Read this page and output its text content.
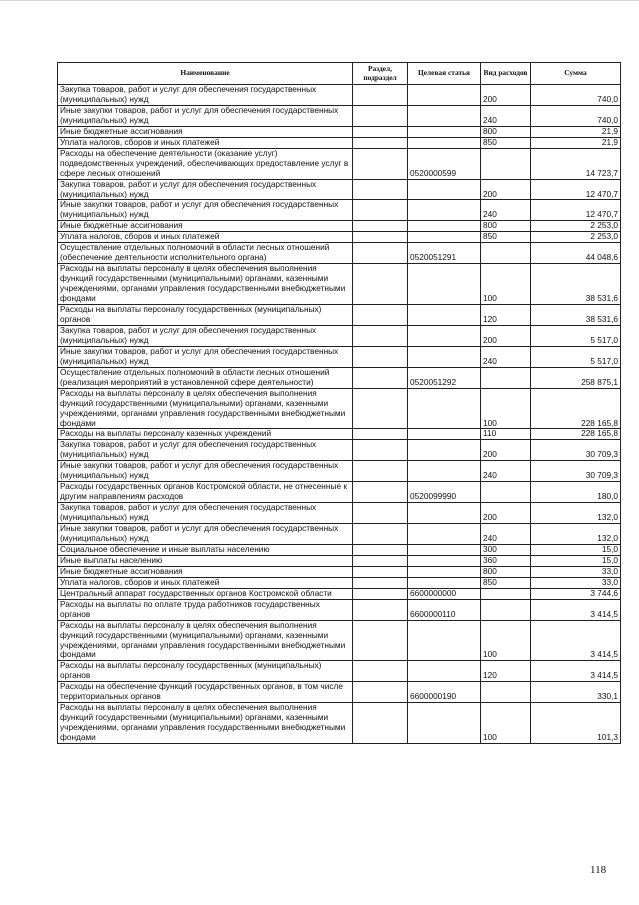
Наименование	Раздел, подраздел	Целевая статья	Вид расходов	Сумма
Закупка товаров, работ и услуг для обеспечения государственных (муниципальных) нужд			200	740,0
Иные закупки товаров, работ и услуг для обеспечения государственных (муниципальных) нужд			240	740,0
Иные бюджетные ассигнования			800	21,9
Уплата налогов, сборов и иных платежей			850	21,9
Расходы на обеспечение деятельности (оказание услуг) подведомственных учреждений, обеспечивающих предоставление услуг в сфере лесных отношений		0520000599		14 723,7
Закупка товаров, работ и услуг для обеспечения государственных (муниципальных) нужд			200	12 470,7
Иные закупки товаров, работ и услуг для обеспечения государственных (муниципальных) нужд			240	12 470,7
Иные бюджетные ассигнования			800	2 253,0
Уплата налогов, сборов и иных платежей			850	2 253,0
Осуществление отдельных полномочий в области лесных отношений (обеспечение деятельности исполнительного органа)		0520051291		44 048,6
Расходы на выплаты персоналу в целях обеспечения выполнения функций государственными (муниципальными) органами, казенными учреждениями, органами управления государственными внебюджетными фондами			100	38 531,6
Расходы на выплаты персоналу государственных (муниципальных) органов			120	38 531,6
Закупка товаров, работ и услуг для обеспечения государственных (муниципальных) нужд			200	5 517,0
Иные закупки товаров, работ и услуг для обеспечения государственных (муниципальных) нужд			240	5 517,0
Осуществление отдельных полномочий в области лесных отношений (реализация мероприятий в установленной сфере деятельности)		0520051292		258 875,1
Расходы на выплаты персоналу в целях обеспечения выполнения функций государственными (муниципальными) органами, казенными учреждениями, органами управления государственными внебюджетными фондами			100	228 165,8
Расходы на выплаты персоналу казенных учреждений			110	228 165,8
Закупка товаров, работ и услуг для обеспечения государственных (муниципальных) нужд			200	30 709,3
Иные закупки товаров, работ и услуг для обеспечения государственных (муниципальных) нужд			240	30 709,3
Расходы государственных органов Костромской области, не отнесенные к другим направлениям расходов		0520099990		180,0
Закупка товаров, работ и услуг для обеспечения государственных (муниципальных) нужд			200	132,0
Иные закупки товаров, работ и услуг для обеспечения государственных (муниципальных) нужд			240	132,0
Социальное обеспечение и иные выплаты населению			300	15,0
Иные выплаты населению			360	15,0
Иные бюджетные ассигнования			800	33,0
Уплата налогов, сборов и иных платежей			850	33,0
Центральный аппарат государственных органов Костромской области		6600000000		3 744,6
Расходы на выплаты по оплате труда работников государственных органов		6600000110		3 414,5
Расходы на выплаты персоналу в целях обеспечения выполнения функций государственными (муниципальными) органами, казенными учреждениями, органами управления государственными внебюджетными фондами			100	3 414,5
Расходы на выплаты персоналу государственных (муниципальных) органов			120	3 414,5
Расходы на обеспечение функций государственных органов, в том числе территориальных органов		6600000190		330,1
Расходы на выплаты персоналу в целях обеспечения выполнения функций государственными (муниципальными) органами, казенными учреждениями, органами управления государственными внебюджетными фондами			100	101,3
118
